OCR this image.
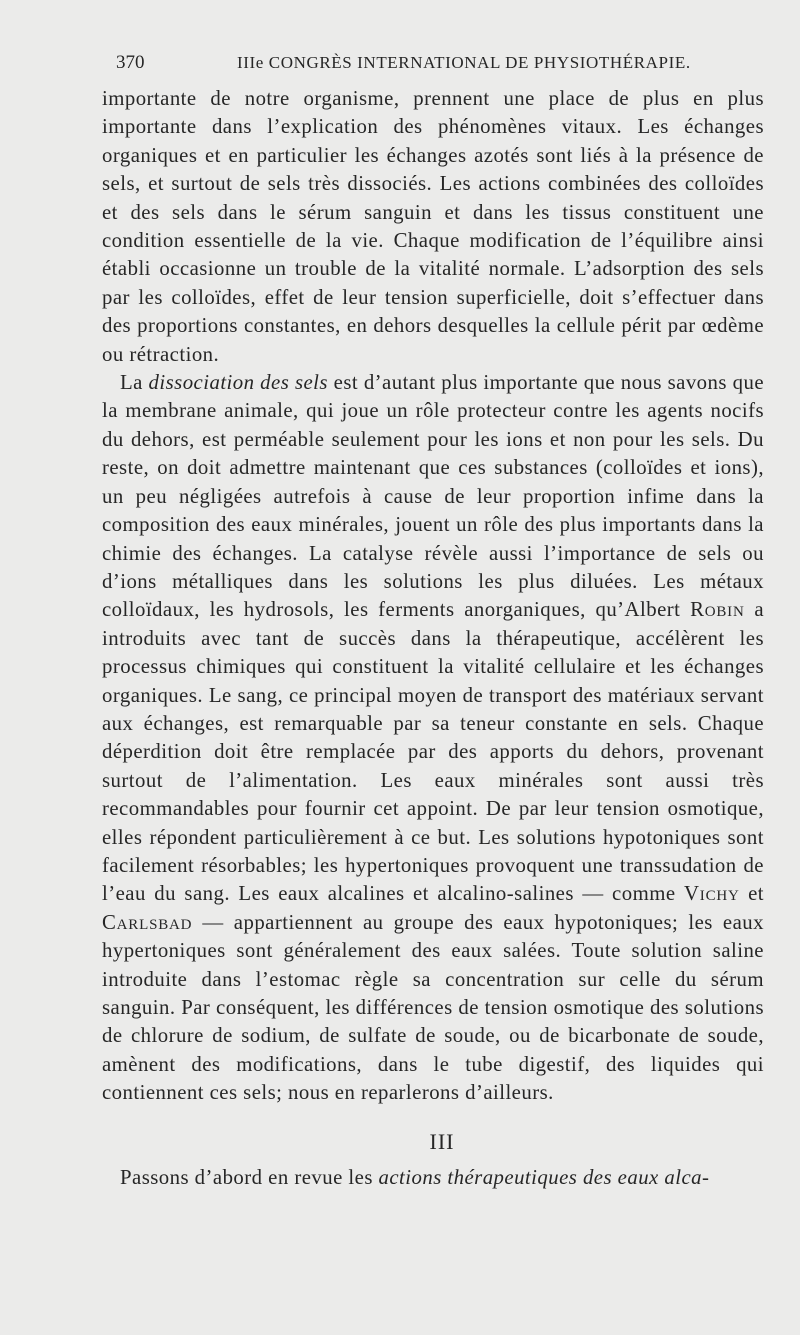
370	IIIe CONGRÈS INTERNATIONAL DE PHYSIOTHÉRAPIE.

importante de notre organisme, prennent une place de plus en plus importante dans l’explication des phénomènes vitaux. Les échanges organiques et en particulier les échanges azotés sont liés à la présence de sels, et surtout de sels très dissociés. Les actions combinées des colloïdes et des sels dans le sérum sanguin et dans les tissus constituent une condition essentielle de la vie. Chaque modification de l’équilibre ainsi établi occasionne un trouble de la vitalité normale. L’adsorption des sels par les colloïdes, effet de leur tension superficielle, doit s’effectuer dans des proportions constantes, en dehors desquelles la cellule périt par œdème ou rétraction.

La dissociation des sels est d’autant plus importante que nous savons que la membrane animale, qui joue un rôle protecteur contre les agents nocifs du dehors, est perméable seulement pour les ions et non pour les sels. Du reste, on doit admettre maintenant que ces substances (colloïdes et ions), un peu négligées autrefois à cause de leur proportion infime dans la composition des eaux minérales, jouent un rôle des plus importants dans la chimie des échanges. La catalyse révèle aussi l’importance de sels ou d’ions métalliques dans les solutions les plus diluées. Les métaux colloïdaux, les hydrosols, les ferments anorganiques, qu’Albert Robin a introduits avec tant de succès dans la thérapeutique, accélèrent les processus chimiques qui constituent la vitalité cellulaire et les échanges organiques. Le sang, ce principal moyen de transport des matériaux servant aux échanges, est remarquable par sa teneur constante en sels. Chaque déperdition doit être remplacée par des apports du dehors, provenant surtout de l’alimentation. Les eaux minérales sont aussi très recommandables pour fournir cet appoint. De par leur tension osmotique, elles répondent particulièrement à ce but. Les solutions hypotoniques sont facilement résorbables; les hypertoniques provoquent une transsudation de l’eau du sang. Les eaux alcalines et alcalino-salines — comme Vichy et Carlsbad — appartiennent au groupe des eaux hypotoniques; les eaux hypertoniques sont généralement des eaux salées. Toute solution saline introduite dans l’estomac règle sa concentration sur celle du sérum sanguin. Par conséquent, les différences de tension osmotique des solutions de chlorure de sodium, de sulfate de soude, ou de bicarbonate de soude, amènent des modifications, dans le tube digestif, des liquides qui contiennent ces sels; nous en reparlerons d’ailleurs.

III

Passons d’abord en revue les actions thérapeutiques des eaux alca-
